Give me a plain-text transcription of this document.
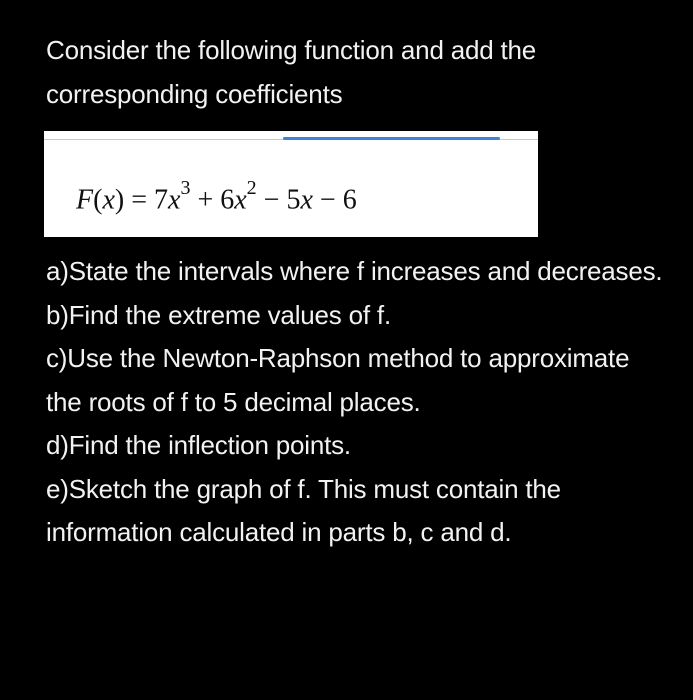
Consider the following function and add the corresponding coefficients
$F(x) = 7x^3 + 6x^2 - 5x - 6$

a)State the intervals where f increases and decreases.

b)Find the extreme values of f.

c)Use the Newton-Raphson method to approximate the roots of f to 5 decimal places.

d)Find the inflection points.

e)Sketch the graph of f. This must contain the information calculated in parts b, c and d.
